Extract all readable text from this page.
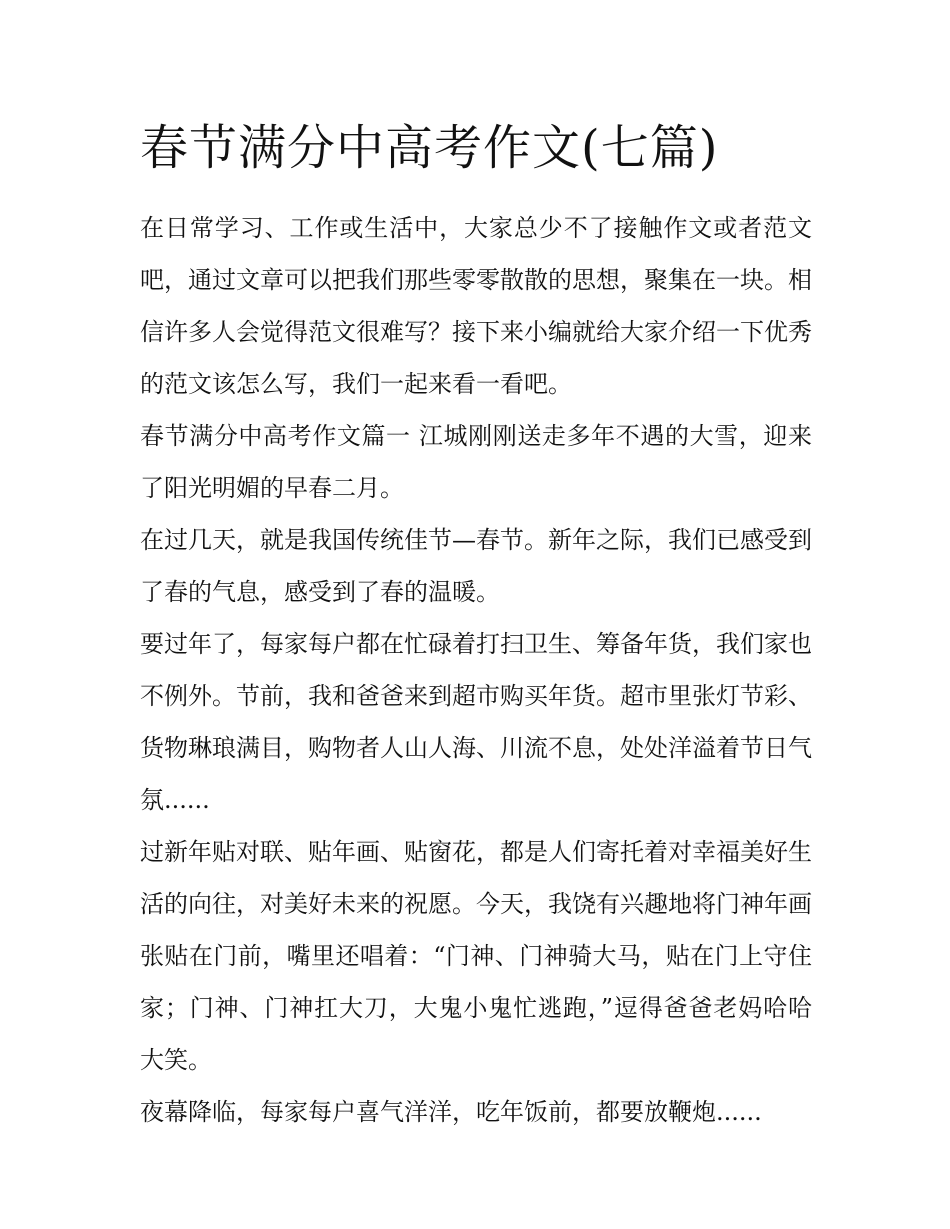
春节满分中高考作文(七篇)

在日常学习、工作或生活中，大家总少不了接触作文或者范文吧，通过文章可以把我们那些零零散散的思想，聚集在一块。相信许多人会觉得范文很难写？接下来小编就给大家介绍一下优秀的范文该怎么写，我们一起来看一看吧。

春节满分中高考作文篇一 江城刚刚送走多年不遇的大雪，迎来了阳光明媚的早春二月。

在过几天，就是我国传统佳节—春节。新年之际，我们已感受到了春的气息，感受到了春的温暖。

要过年了，每家每户都在忙碌着打扫卫生、筹备年货，我们家也不例外。节前，我和爸爸来到超市购买年货。超市里张灯节彩、货物琳琅满目，购物者人山人海、川流不息，处处洋溢着节日气氛......

过新年贴对联、贴年画、贴窗花，都是人们寄托着对幸福美好生活的向往，对美好未来的祝愿。今天，我饶有兴趣地将门神年画张贴在门前，嘴里还唱着：“门神、门神骑大马，贴在门上守住家；门神、门神扛大刀，大鬼小鬼忙逃跑，”逗得爸爸老妈哈哈大笑。

夜幕降临，每家每户喜气洋洋，吃年饭前，都要放鞭炮......
